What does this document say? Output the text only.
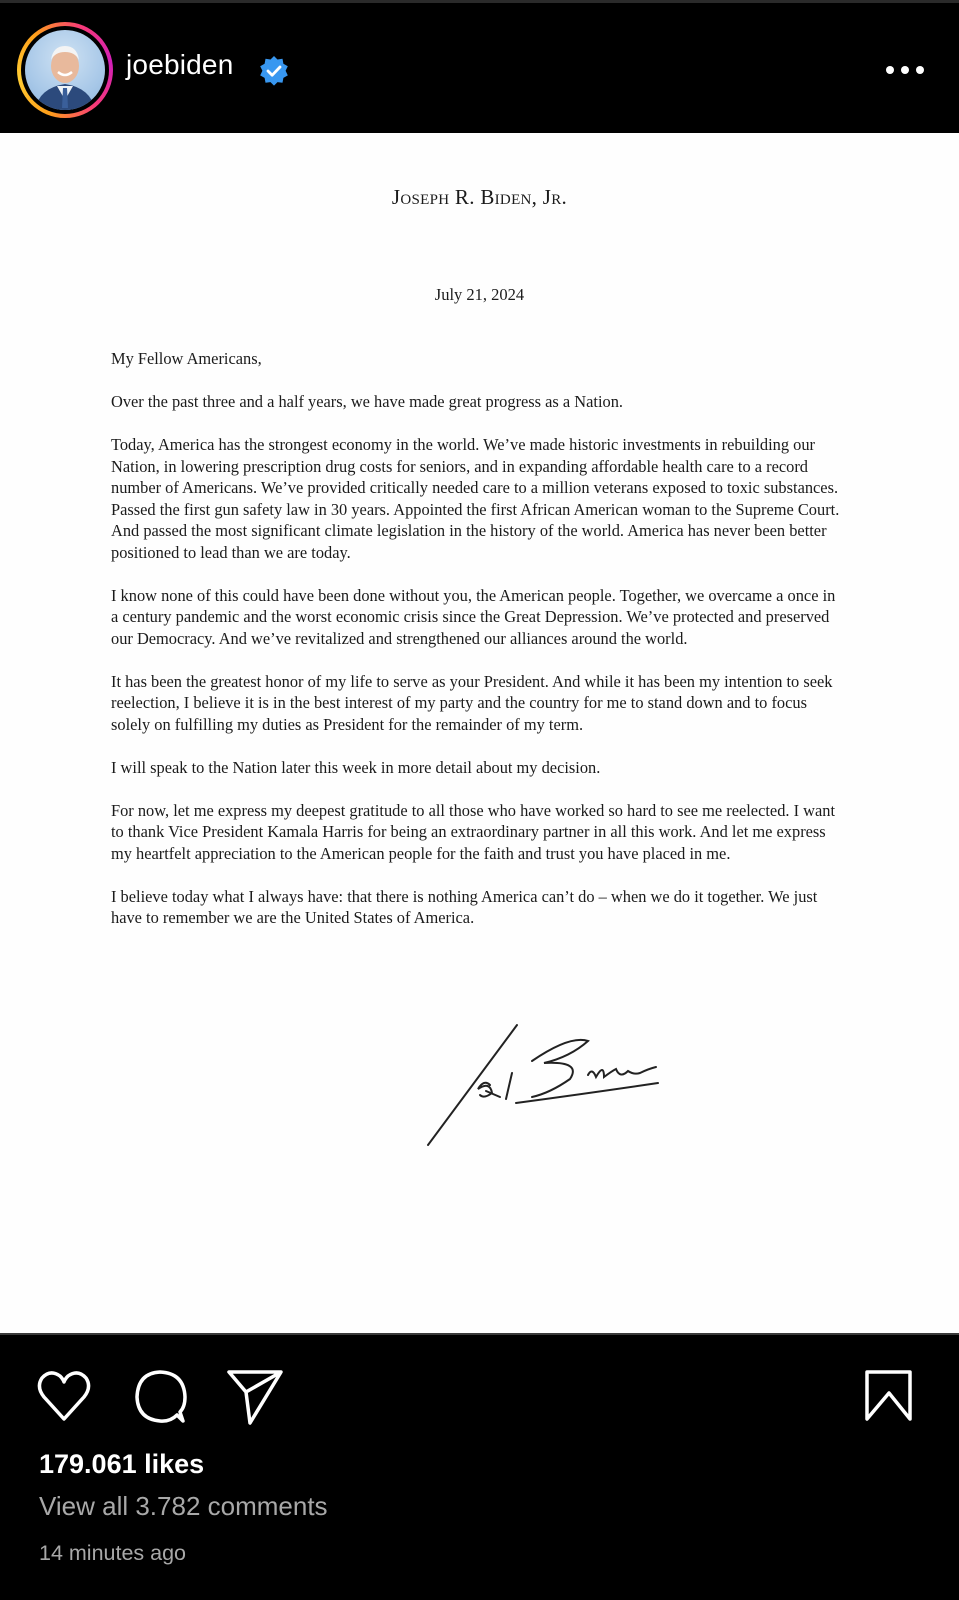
joebiden
Joseph R. Biden, Jr.
July 21, 2024

My Fellow Americans,

Over the past three and a half years, we have made great progress as a Nation.

Today, America has the strongest economy in the world. We’ve made historic investments in rebuilding our Nation, in lowering prescription drug costs for seniors, and in expanding affordable health care to a record number of Americans. We’ve provided critically needed care to a million veterans exposed to toxic substances. Passed the first gun safety law in 30 years. Appointed the first African American woman to the Supreme Court. And passed the most significant climate legislation in the history of the world. America has never been better positioned to lead than we are today.

I know none of this could have been done without you, the American people. Together, we overcame a once in a century pandemic and the worst economic crisis since the Great Depression. We’ve protected and preserved our Democracy. And we’ve revitalized and strengthened our alliances around the world.

It has been the greatest honor of my life to serve as your President. And while it has been my intention to seek reelection, I believe it is in the best interest of my party and the country for me to stand down and to focus solely on fulfilling my duties as President for the remainder of my term.

I will speak to the Nation later this week in more detail about my decision.

For now, let me express my deepest gratitude to all those who have worked so hard to see me reelected. I want to thank Vice President Kamala Harris for being an extraordinary partner in all this work. And let me express my heartfelt appreciation to the American people for the faith and trust you have placed in me.

I believe today what I always have: that there is nothing America can’t do – when we do it together. We just have to remember we are the United States of America.

179.061 likes
View all 3.782 comments
14 minutes ago
